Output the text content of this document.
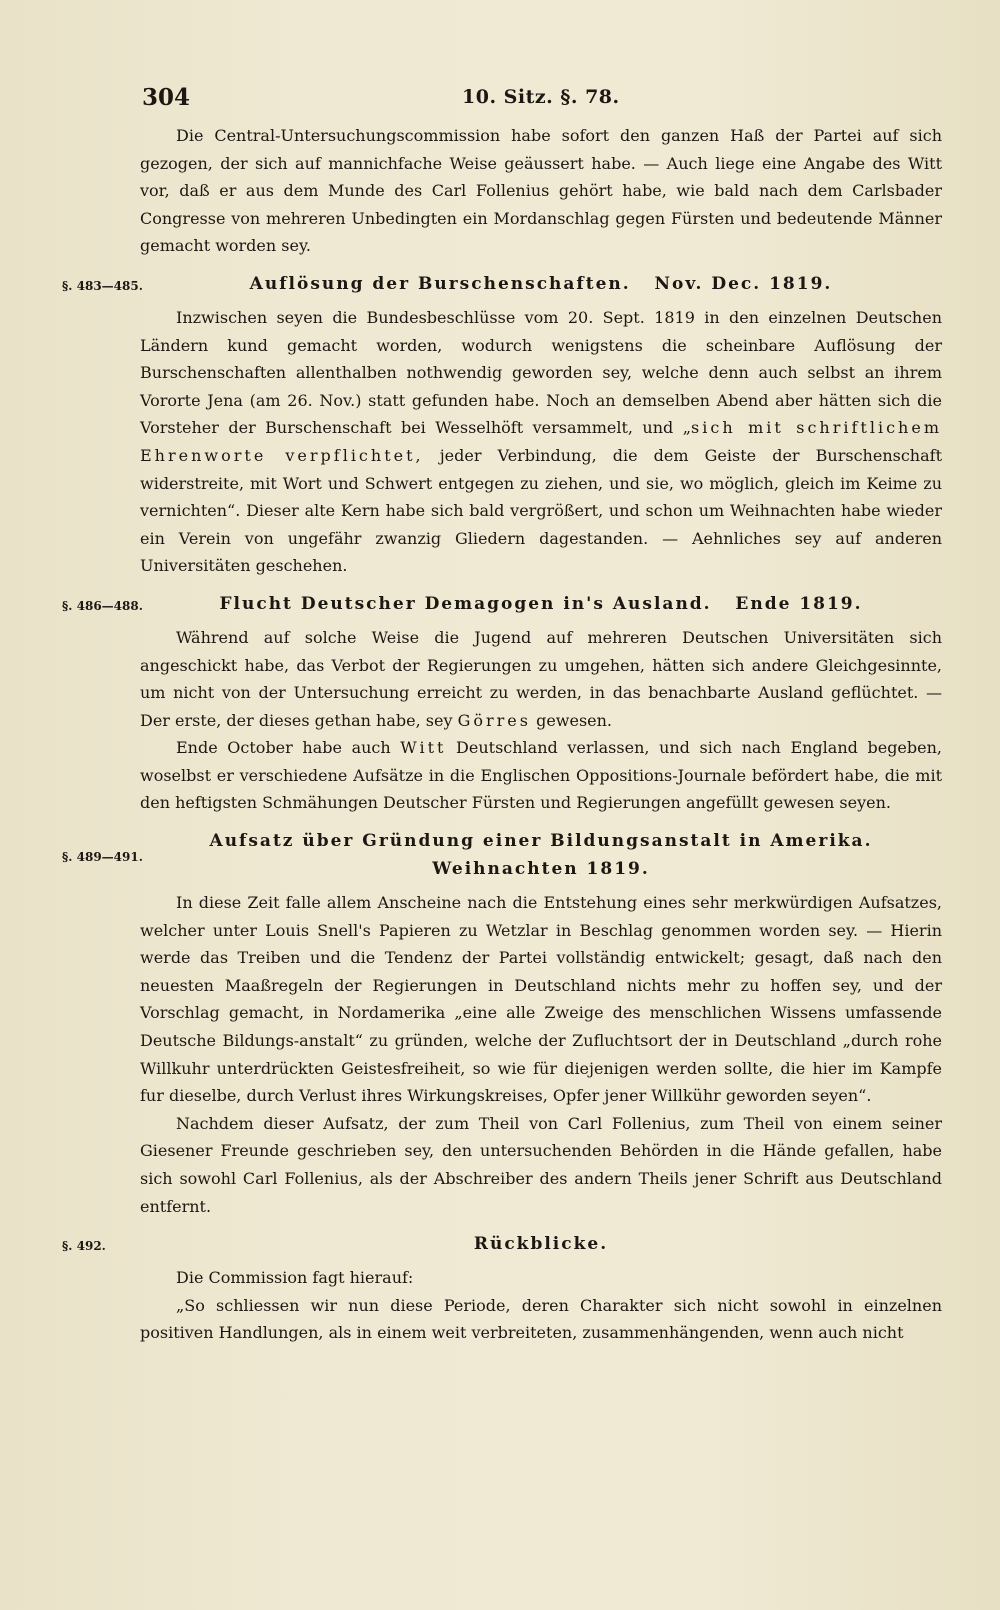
304	10. Sitz. §. 78.

Die Central-Untersuchungscommission habe sofort den ganzen Haß der Partei auf sich gezogen, der sich auf mannichfache Weise geäussert habe. — Auch liege eine Angabe des Witt vor, daß er aus dem Munde des Carl Follenius gehört habe, wie bald nach dem Carlsbader Congresse von mehreren Unbedingten ein Mordanschlag gegen Fürsten und bedeutende Männer gemacht worden sey.

§. 483—485.	Auflösung der Burschenschaften. Nov. Dec. 1819.

Inzwischen seyen die Bundesbeschlüsse vom 20. Sept. 1819 in den einzelnen Deutschen Ländern kund gemacht worden, wodurch wenigstens die scheinbare Auflösung der Burschenschaften allenthalben nothwendig geworden sey, welche denn auch selbst an ihrem Vororte Jena (am 26. Nov.) statt gefunden habe. Noch an demselben Abend aber hätten sich die Vorsteher der Burschenschaft bei Wesselhöft versammelt, und „sich mit schriftlichem Ehrenworte verpflichtet, jeder Verbindung, die dem Geiste der Burschenschaft widerstreite, mit Wort und Schwert entgegen zu ziehen, und sie, wo möglich, gleich im Keime zu vernichten“. Dieser alte Kern habe sich bald vergrößert, und schon um Weihnachten habe wieder ein Verein von ungefähr zwanzig Gliedern dagestanden. — Aehnliches sey auf anderen Universitäten geschehen.

§. 486—488.	Flucht Deutscher Demagogen in's Ausland. Ende 1819.

Während auf solche Weise die Jugend auf mehreren Deutschen Universitäten sich angeschickt habe, das Verbot der Regierungen zu umgehen, hätten sich andere Gleichgesinnte, um nicht von der Untersuchung erreicht zu werden, in das benachbarte Ausland geflüchtet. — Der erste, der dieses gethan habe, sey Görres gewesen.

Ende October habe auch Witt Deutschland verlassen, und sich nach England begeben, woselbst er verschiedene Aufsätze in die Englischen Oppositions-Journale befördert habe, die mit den heftigsten Schmähungen Deutscher Fürsten und Regierungen angefüllt gewesen seyen.

§. 489—491.
Aufsatz über Gründung einer Bildungsanstalt in Amerika.
Weihnachten 1819.

In diese Zeit falle allem Anscheine nach die Entstehung eines sehr merkwürdigen Aufsatzes, welcher unter Louis Snell's Papieren zu Wetzlar in Beschlag genommen worden sey. — Hierin werde das Treiben und die Tendenz der Partei vollständig entwickelt; gesagt, daß nach den neuesten Maaßregeln der Regierungen in Deutschland nichts mehr zu hoffen sey, und der Vorschlag gemacht, in Nordamerika „eine alle Zweige des menschlichen Wissens umfassende Deutsche Bildungs-anstalt“ zu gründen, welche der Zufluchtsort der in Deutschland „durch rohe Willkuhr unterdrückten Geistesfreiheit, so wie für diejenigen werden sollte, die hier im Kampfe fur dieselbe, durch Verlust ihres Wirkungskreises, Opfer jener Willkühr geworden seyen“.

Nachdem dieser Aufsatz, der zum Theil von Carl Follenius, zum Theil von einem seiner Giesener Freunde geschrieben sey, den untersuchenden Behörden in die Hände gefallen, habe sich sowohl Carl Follenius, als der Abschreiber des andern Theils jener Schrift aus Deutschland entfernt.

§. 492.	Rückblicke.

Die Commission fagt hierauf:

„So schliessen wir nun diese Periode, deren Charakter sich nicht sowohl in einzelnen positiven Handlungen, als in einem weit verbreiteten, zusammenhängenden, wenn auch nicht
